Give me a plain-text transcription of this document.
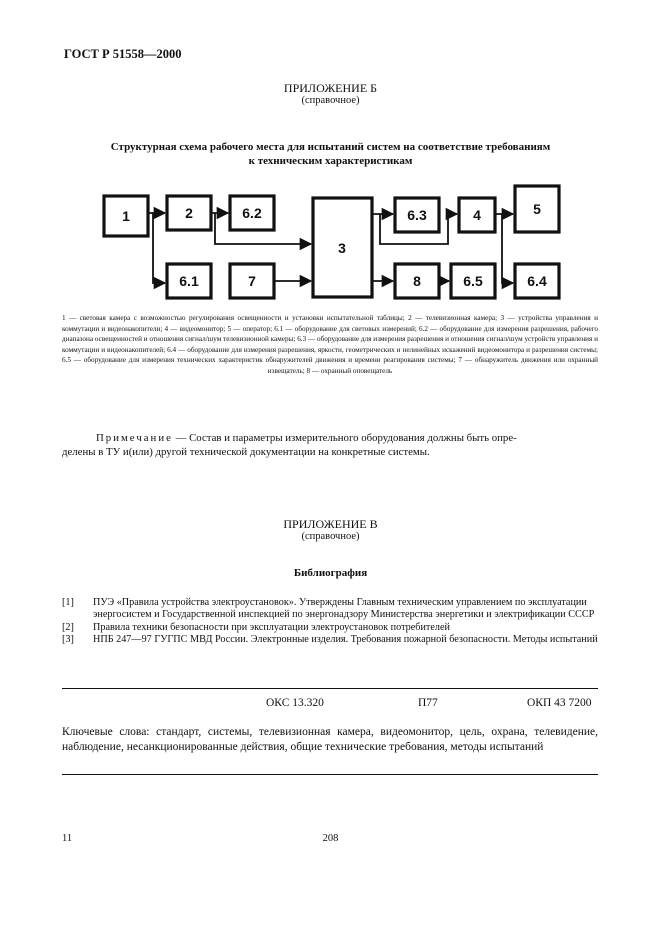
ГОСТ Р 51558—2000
ПРИЛОЖЕНИЕ Б
(справочное)
Структурная схема рабочего места для испытаний систем на соответствие требованиям
к техническим характеристикам
1	2	6.2
3
6.3	4	5
6.1	7	8	6.5	6.4
1 — световая камера с возможностью регулирования освещенности и установки испытательной таблицы; 2 — телевизионная камера; 3 — устройства управления и коммутации и видеонакопители; 4 — видеомонитор; 5 — оператор; 6.1 — оборудование для световых измерений; 6.2 — оборудование для измерения разрешения, рабочего диапазона освещенностей и отношения сигнал/шум телевизионной камеры; 6.3 — оборудование для измерения разрешения и отношения сигнал/шум устройств управления и коммутации и видеонакопителей; 6.4 — оборудование для измерения разрешения, яркости, геометрических и нелинейных искажений видеомонитора и разрешения системы; 6.5 — оборудование для измерения технических характеристик обнаружителей движения и времени реагирования системы; 7 — обнаружитель движения или охранный извещатель; 8 — охранный оповещатель
Примечание — Состав и параметры измерительного оборудования должны быть опре-
делены в ТУ и(или) другой технической документации на конкретные системы.
ПРИЛОЖЕНИЕ В
(справочное)
Библиография
[1]	ПУЭ «Правила устройства электроустановок». Утверждены Главным техническим управлением по эксплуатации энергосистем и Государственной инспекцией по энергонадзору Министерства энергетики и электрификации СССР
[2]	Правила техники безопасности при эксплуатации электроустановок потребителей
[3]	НПБ 247—97 ГУГПС МВД России. Электронные изделия. Требования пожарной безопасности. Методы испытаний
ОКС 13.320	П77	ОКП 43 7200
Ключевые слова: стандарт, системы, телевизионная камера, видеомонитор, цель, охрана, телевидение, наблюдение, несанкционированные действия, общие технические требования, методы испытаний
11	208
